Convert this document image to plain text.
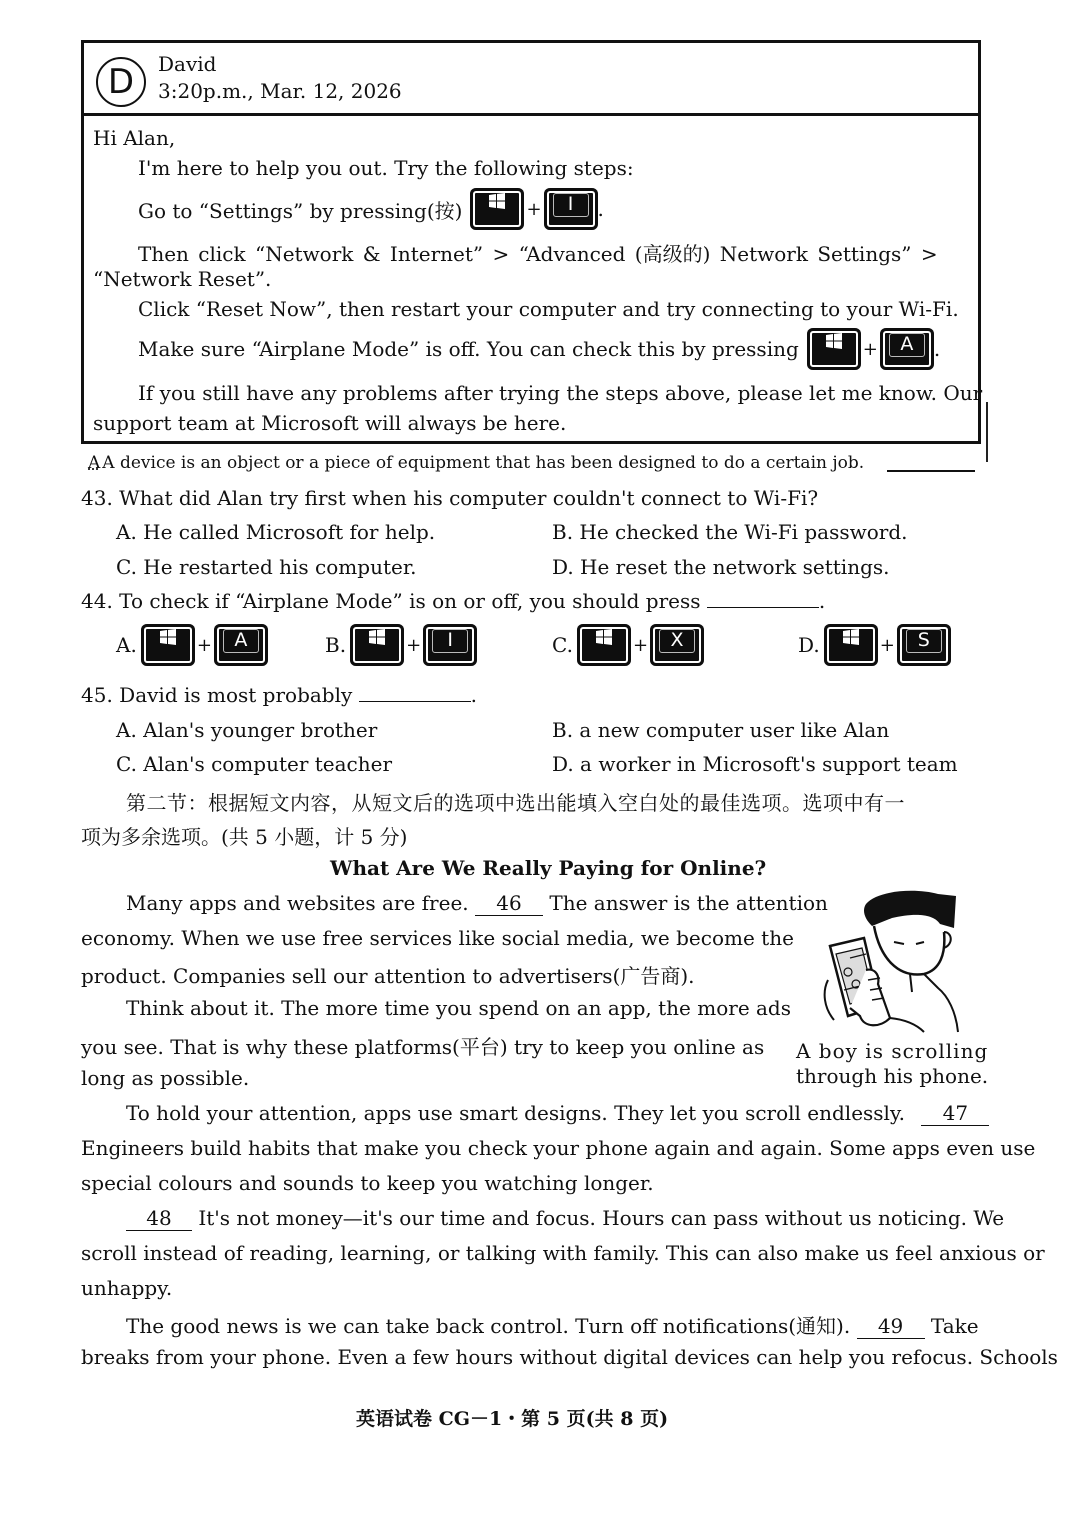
D	David
3:20p.m., Mar. 12, 2026
Hi Alan,
I'm here to help you out. Try the following steps:
Go to “Settings” by pressing(按)	+	I	.
Then click “Network & Internet” > “Advanced (高级的) Network Settings” >
“Network Reset”.
Click “Reset Now”, then restart your computer and try connecting to your Wi-Fi.
Make sure “Airplane Mode” is off. You can check this by pressing	+	A	.
If you still have any problems after trying the steps above, please let me know. Our
support team at Microsoft will always be here.
A A device is an object or a piece of equipment that has been designed to do a certain job.
43. What did Alan try first when his computer couldn't connect to Wi-Fi?
A. He called Microsoft for help.	B. He checked the Wi-Fi password.
C. He restarted his computer.	D. He reset the network settings.
44. To check if “Airplane Mode” is on or off, you should press	.
A.	+	A	B.	+	I	C.	+	X	D.	+	S
45. David is most probably	.
A. Alan's younger brother	B. a new computer user like Alan
C. Alan's computer teacher	D. a worker in Microsoft's support team
第二节：根据短文内容，从短文后的选项中选出能填入空白处的最佳选项。选项中有一
项为多余选项。(共 5 小题，计 5 分)
What Are We Really Paying for Online?
Many apps and websites are free. 46 The answer is the attention
economy. When we use free services like social media, we become the
product. Companies sell our attention to advertisers(广告商).
Think about it. The more time you spend on an app, the more ads
you see. That is why these platforms(平台) try to keep you online as
long as possible.
A boy is scrolling
through his phone.
To hold your attention, apps use smart designs. They let you scroll endlessly. 47
Engineers build habits that make you check your phone again and again. Some apps even use
special colours and sounds to keep you watching longer.
48 It's not money—it's our time and focus. Hours can pass without us noticing. We
scroll instead of reading, learning, or talking with family. This can also make us feel anxious or
unhappy.
The good news is we can take back control. Turn off notifications(通知). 49 Take
breaks from your phone. Even a few hours without digital devices can help you refocus. Schools
英语试卷 CG－1・第 5 页(共 8 页)
